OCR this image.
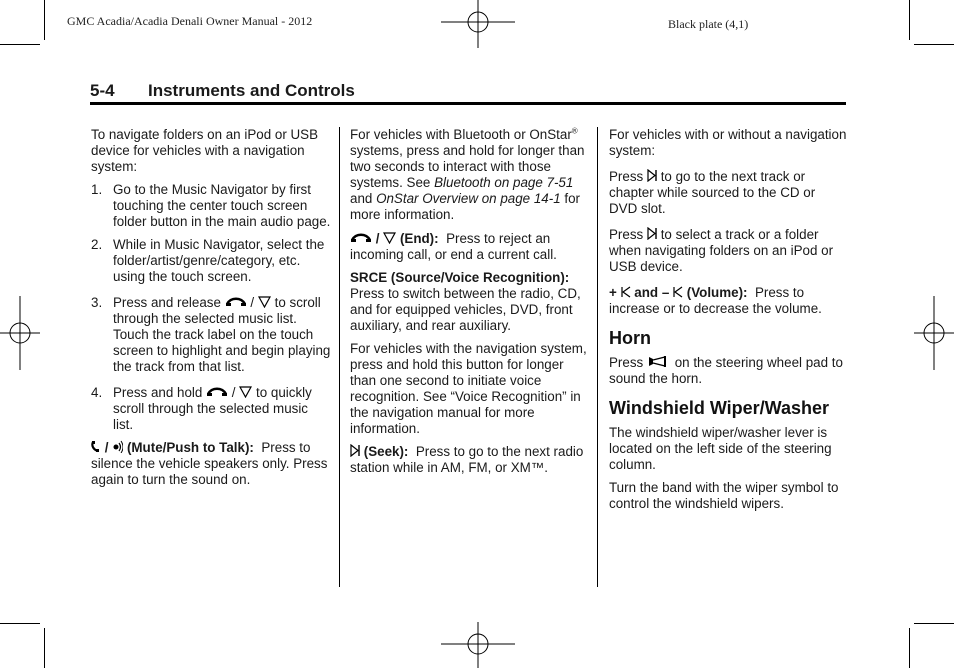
GMC Acadia/Acadia Denali Owner Manual - 2012	Black plate (4,1)
5-4 Instruments and Controls

To navigate folders on an iPod or USB device for vehicles with a navigation system:

1. Go to the Music Navigator by first touching the center touch screen folder button in the main audio page.
2. While in Music Navigator, select the folder/artist/genre/category, etc. using the touch screen.
3. Press and release / to scroll through the selected music list. Touch the track label on the touch screen to highlight and begin playing the track from that list.
4. Press and hold / to quickly scroll through the selected music list.

/ (Mute/Push to Talk): Press to silence the vehicle speakers only. Press again to turn the sound on.

For vehicles with Bluetooth or OnStar® systems, press and hold for longer than two seconds to interact with those systems. See Bluetooth on page 7-51 and OnStar Overview on page 14-1 for more information.

/ (End): Press to reject an incoming call, or end a current call.

SRCE (Source/Voice Recognition):  Press to switch between the radio, CD, and for equipped vehicles, DVD, front auxiliary, and rear auxiliary.

For vehicles with the navigation system, press and hold this button for longer than one second to initiate voice recognition. See “Voice Recognition” in the navigation manual for more information.

(Seek): Press to go to the next radio station while in AM, FM, or XM™.

For vehicles with or without a navigation system:

Press to go to the next track or chapter while sourced to the CD or DVD slot.

Press to select a track or a folder when navigating folders on an iPod or USB device.

+ and – (Volume): Press to increase or to decrease the volume.

Horn

Press on the steering wheel pad to sound the horn.

Windshield Wiper/Washer

The windshield wiper/washer lever is located on the left side of the steering column.

Turn the band with the wiper symbol to control the windshield wipers.
